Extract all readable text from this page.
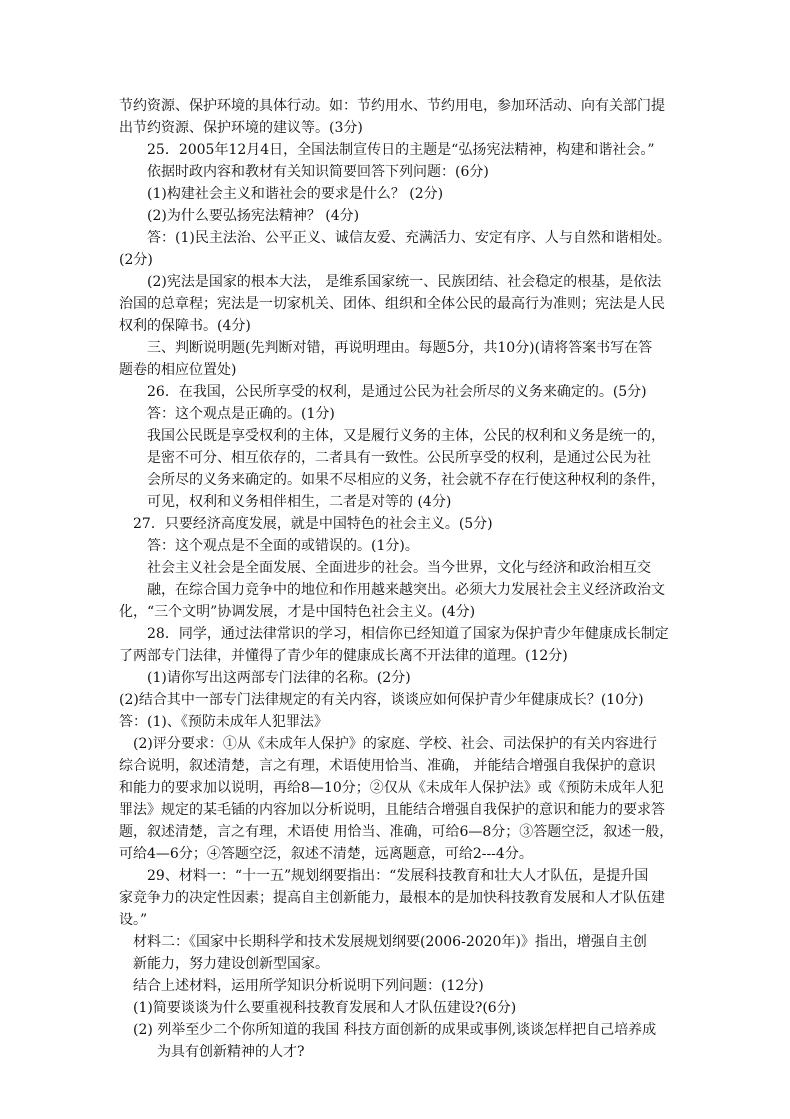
节约资源、保护环境的具体行动。如：节约用水、节约用电，参加环活动、向有关部门提
出节约资源、保护环境的建议等。(3分)
25．2005年12月4日，全国法制宣传日的主题是“弘扬宪法精神，构建和谐社会。”
依据时政内容和教材有关知识简要回答下列问题：(6分)
(1)构建社会主义和谐社会的要求是什么？ (2分)
(2)为什么要弘扬宪法精神？ (4分)
答：(1)民主法治、公平正义、诚信友爱、充满活力、安定有序、人与自然和谐相处。
(2分)
(2)宪法是国家的根本大法， 是维系国家统一、民族团结、社会稳定的根基，是依法
治国的总章程；宪法是一切家机关、团体、组织和全体公民的最高行为准则；宪法是人民
权利的保障书。(4分)
三、判断说明题(先判断对错，再说明理由。每题5分，共10分)(请将答案书写在答
题卷的相应位置处)
26．在我国，公民所享受的权利，是通过公民为社会所尽的义务来确定的。(5分)
答：这个观点是正确的。(1分)
我国公民既是享受权利的主体，又是履行义务的主体，公民的权利和义务是统一的，
是密不可分、相互依存的，二者具有一致性。公民所享受的权利，是通过公民为社
会所尽的义务来确定的。如果不尽相应的义务，社会就不存在行使这种权利的条件，
可见，权利和义务相伴相生，二者是对等的 (4分)
27．只要经济高度发展，就是中国特色的社会主义。(5分)
答：这个观点是不全面的或错误的。(1分)。
社会主义社会是全面发展、全面进步的社会。当今世界，文化与经济和政治相互交
融，在综合国力竞争中的地位和作用越来越突出。必须大力发展社会主义经济政治文
化，“三个文明”协调发展，才是中国特色社会主义。(4分)
28．同学，通过法律常识的学习，相信你已经知道了国家为保护青少年健康成长制定
了两部专门法律，并懂得了青少年的健康成长离不开法律的道理。(12分)
(1)请你写出这两部专门法律的名称。(2分)
(2)结合其中一部专门法律规定的有关内容，谈谈应如何保护青少年健康成长？(10分)
答：(1)、《预防未成年人犯罪法》
(2)评分要求：①从《未成年人保护》的家庭、学校、社会、司法保护的有关内容进行
综合说明，叙述清楚，言之有理，术语使用恰当、准确， 并能结合增强自我保护的意识
和能力的要求加以说明，再给8—10分；②仅从《未成年人保护法》或《预防未成年人犯
罪法》规定的某毛锸的内容加以分析说明，且能结合增强自我保护的意识和能力的要求答
题，叙述清楚，言之有理，术语使 用恰当、准确，可给6—8分；③答题空泛，叙述一般，
可给4—6分；④答题空泛，叙述不清楚，远离题意，可给2---4分。
29、材料一：“十一五”规划纲要指出：“发展科技教育和壮大人才队伍，是提升国
家竞争力的决定性因素；提高自主创新能力，最根本的是加快科技教育发展和人才队伍建
设。”
材料二：《国家中长期科学和技术发展规划纲要(2006-2020年)》指出，增强自主创
新能力，努力建设创新型国家。
结合上述材料，运用所学知识分析说明下列问题：(12分)
(1)简要谈谈为什么要重视科技教育发展和人才队伍建设?(6分)
(2) 列举至少二个你所知道的我国 科技方面创新的成果或事例,谈谈怎样把自己培养成
为具有创新精神的人才?
